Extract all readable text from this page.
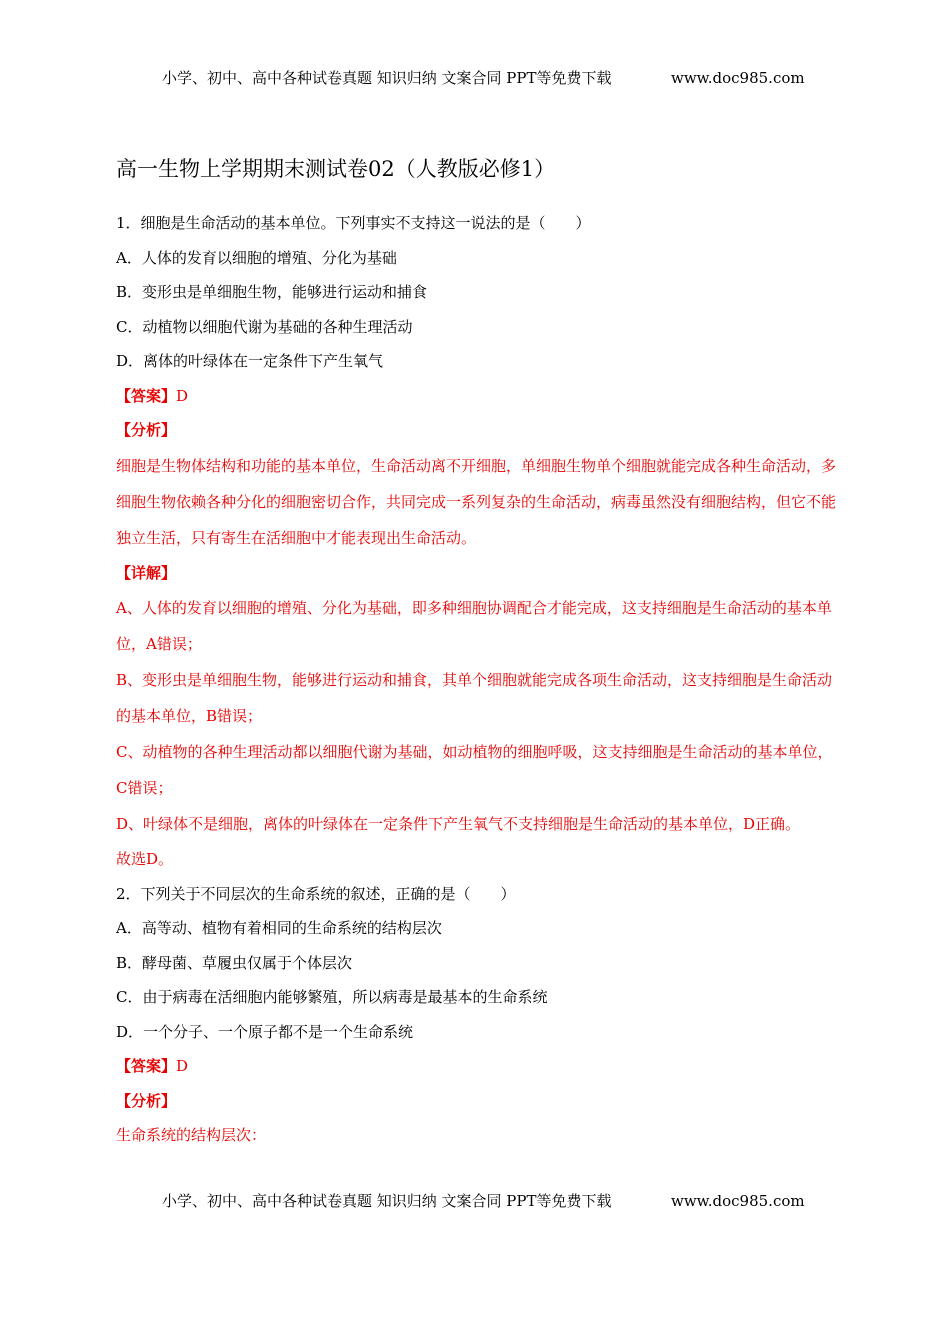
小学、初中、高中各种试卷真题 知识归纳 文案合同 PPT等免费下载	www.doc985.com
高一生物上学期期末测试卷02（人教版必修1）
1．细胞是生命活动的基本单位。下列事实不支持这一说法的是（　　）
A．人体的发育以细胞的增殖、分化为基础
B．变形虫是单细胞生物，能够进行运动和捕食
C．动植物以细胞代谢为基础的各种生理活动
D．离体的叶绿体在一定条件下产生氧气
【答案】D
【分析】

细胞是生物体结构和功能的基本单位，生命活动离不开细胞，单细胞生物单个细胞就能完成各种生命活动，多细胞生物依赖各种分化的细胞密切合作，共同完成一系列复杂的生命活动，病毒虽然没有细胞结构，但它不能独立生活，只有寄生在活细胞中才能表现出生命活动。

【详解】

A、人体的发育以细胞的增殖、分化为基础，即多种细胞协调配合才能完成，这支持细胞是生命活动的基本单位，A错误；

B、变形虫是单细胞生物，能够进行运动和捕食，其单个细胞就能完成各项生命活动，这支持细胞是生命活动的基本单位，B错误；

C、动植物的各种生理活动都以细胞代谢为基础，如动植物的细胞呼吸，这支持细胞是生命活动的基本单位，C错误；

D、叶绿体不是细胞，离体的叶绿体在一定条件下产生氧气不支持细胞是生命活动的基本单位，D正确。

故选D。
2．下列关于不同层次的生命系统的叙述，正确的是（　　）
A．高等动、植物有着相同的生命系统的结构层次
B．酵母菌、草履虫仅属于个体层次
C．由于病毒在活细胞内能够繁殖，所以病毒是最基本的生命系统
D．一个分子、一个原子都不是一个生命系统
【答案】D
【分析】
生命系统的结构层次：
小学、初中、高中各种试卷真题 知识归纳 文案合同 PPT等免费下载	www.doc985.com
